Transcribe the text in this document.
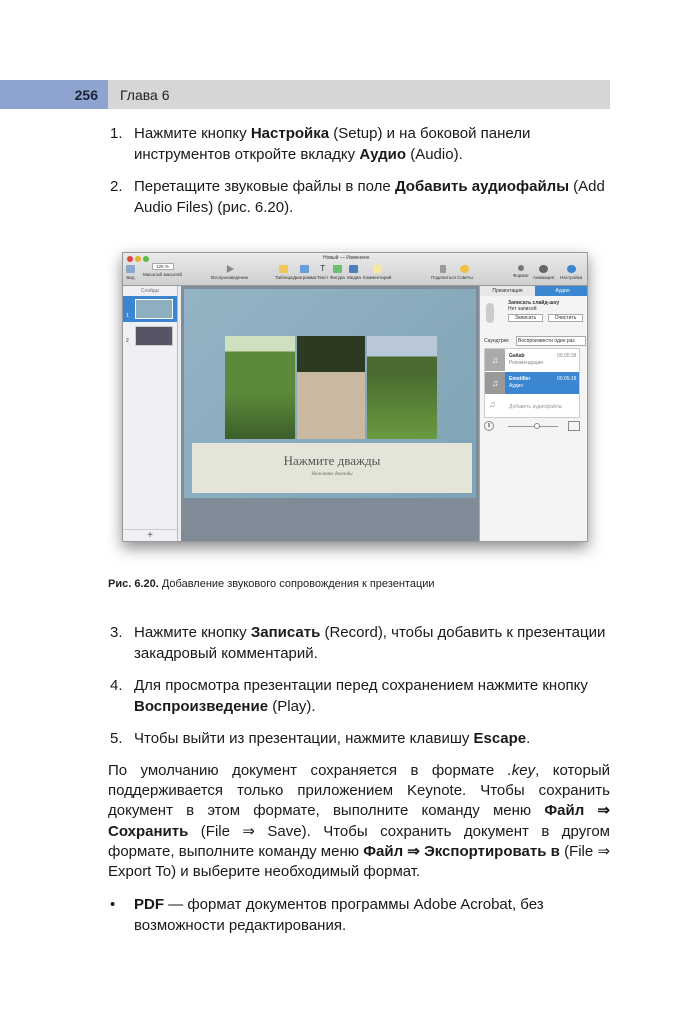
256	Глава 6
1. Нажмите кнопку Настройка (Setup) и на боковой панели инструментов откройте вкладку Аудио (Audio).
2. Перетащите звуковые файлы в поле Добавить аудиофайлы (Add Audio Files) (рис. 6.20).
Новый — Изменено
Вид
125 %
Масштаб масштаб
Воспроизведение	Таблица Диаграмма
T
Текст Фигура Медиа Комментарий	Поделиться Советы	Формат Анимация Настройка
Слайды
1
2
+
Нажмите дважды
Нажмите дважды
Презентация	Аудио
Записать слайд-шоу
Нет записей
Записать	Очистить
Саундтрек	Воспроизвести один раз
♫	Gaitab
Рекомендации
00:05:38
♫	Emotiller
Аудио
00:05:18
♫	Добавить аудиофайлы
II
Рис. 6.20. Добавление звукового сопровождения к презентации
3. Нажмите кнопку Записать (Record), чтобы добавить к презентации закадровый комментарий.
4. Для просмотра презентации перед сохранением нажмите кнопку Воспроизведение (Play).
5. Чтобы выйти из презентации, нажмите клавишу Escape.

По умолчанию документ сохраняется в формате .key, который поддерживается только приложением Keynote. Чтобы сохранить документ в этом формате, выполните команду меню Файл ⇒ Сохранить (File ⇒ Save). Чтобы сохранить документ в другом формате, выполните команду меню Файл ⇒ Экспортировать в (File ⇒ Export To) и выберите необходимый формат.

• PDF — формат документов программы Adobe Acrobat, без возможности редактирования.
